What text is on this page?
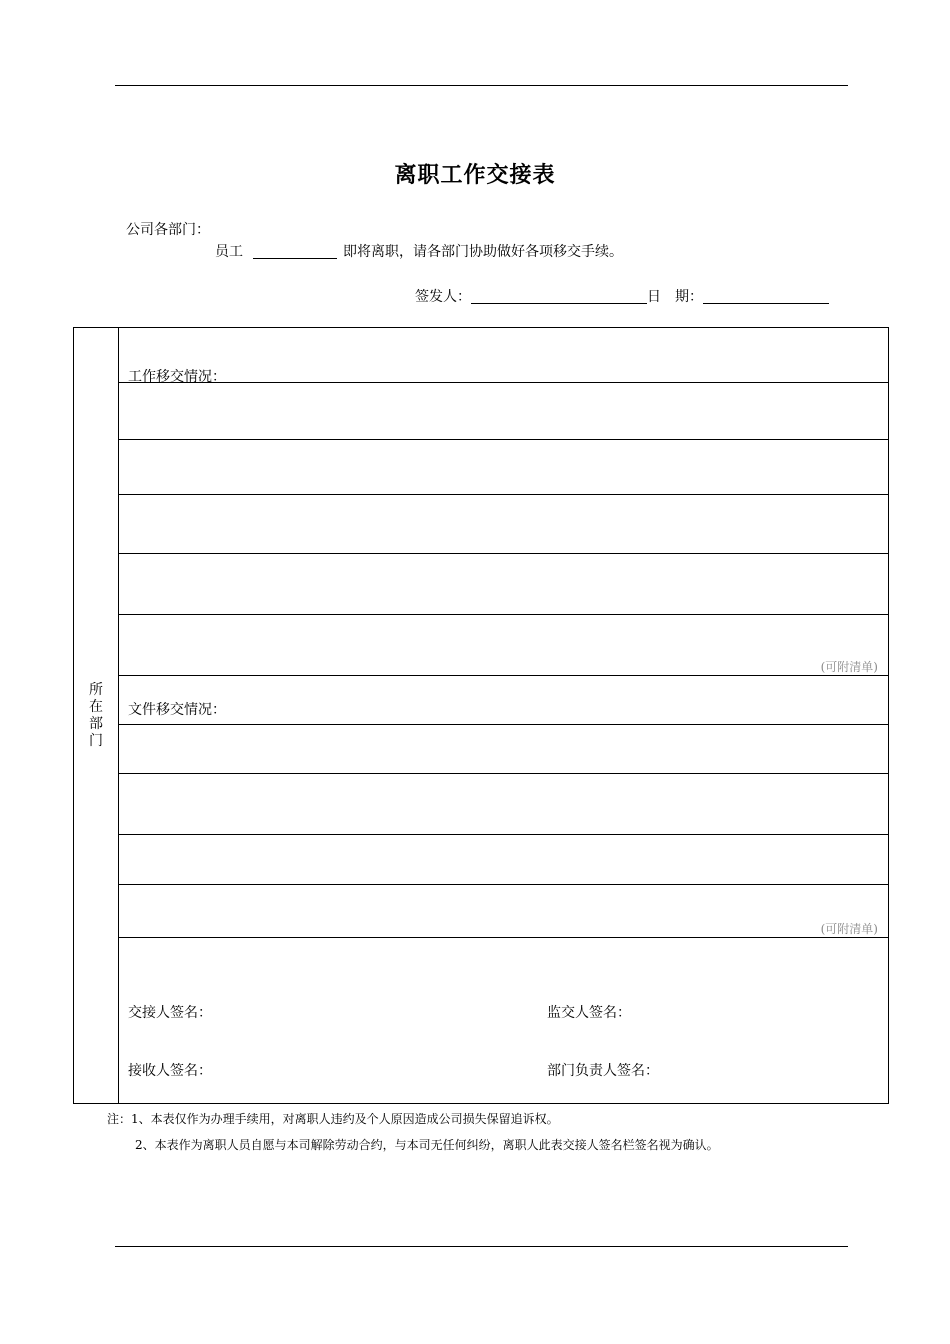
离职工作交接表
公司各部门：
员工	即将离职，请各部门协助做好各项移交手续。
签发人：	日　期：
所
在
部
门
工作移交情况：
(可附清单)
文件移交情况：
(可附清单)
交接人签名：	监交人签名：
接收人签名：	部门负责人签名：
注：1、本表仅作为办理手续用，对离职人违约及个人原因造成公司损失保留追诉权。
2、本表作为离职人员自愿与本司解除劳动合约，与本司无任何纠纷，离职人此表交接人签名栏签名视为确认。
